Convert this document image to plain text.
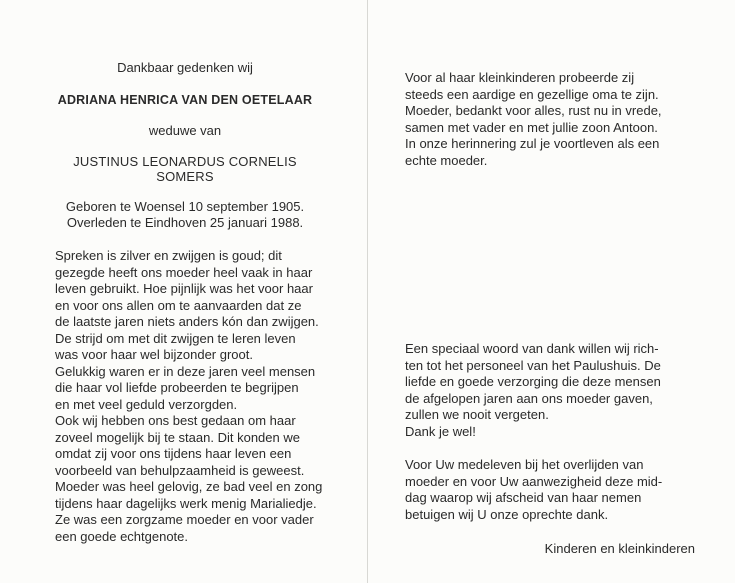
Dankbaar gedenken wij
ADRIANA HENRICA VAN DEN OETELAAR
weduwe van
JUSTINUS LEONARDUS CORNELIS
SOMERS
Geboren te Woensel 10 september 1905.
Overleden te Eindhoven 25 januari 1988.
Spreken is zilver en zwijgen is goud; dit
gezegde heeft ons moeder heel vaak in haar
leven gebruikt. Hoe pijnlijk was het voor haar
en voor ons allen om te aanvaarden dat ze
de laatste jaren niets anders kón dan zwijgen.
De strijd om met dit zwijgen te leren leven
was voor haar wel bijzonder groot.
Gelukkig waren er in deze jaren veel mensen
die haar vol liefde probeerden te begrijpen
en met veel geduld verzorgden.
Ook wij hebben ons best gedaan om haar
zoveel mogelijk bij te staan. Dit konden we
omdat zij voor ons tijdens haar leven een
voorbeeld van behulpzaamheid is geweest.
Moeder was heel gelovig, ze bad veel en zong
tijdens haar dagelijks werk menig Marialiedje.
Ze was een zorgzame moeder en voor vader
een goede echtgenote.
Voor al haar kleinkinderen probeerde zij
steeds een aardige en gezellige oma te zijn.
Moeder, bedankt voor alles, rust nu in vrede,
samen met vader en met jullie zoon Antoon.
In onze herinnering zul je voortleven als een
echte moeder.
Een speciaal woord van dank willen wij rich-
ten tot het personeel van het Paulushuis. De
liefde en goede verzorging die deze mensen
de afgelopen jaren aan ons moeder gaven,
zullen we nooit vergeten.
Dank je wel!
Voor Uw medeleven bij het overlijden van
moeder en voor Uw aanwezigheid deze mid-
dag waarop wij afscheid van haar nemen
betuigen wij U onze oprechte dank.
Kinderen en kleinkinderen
